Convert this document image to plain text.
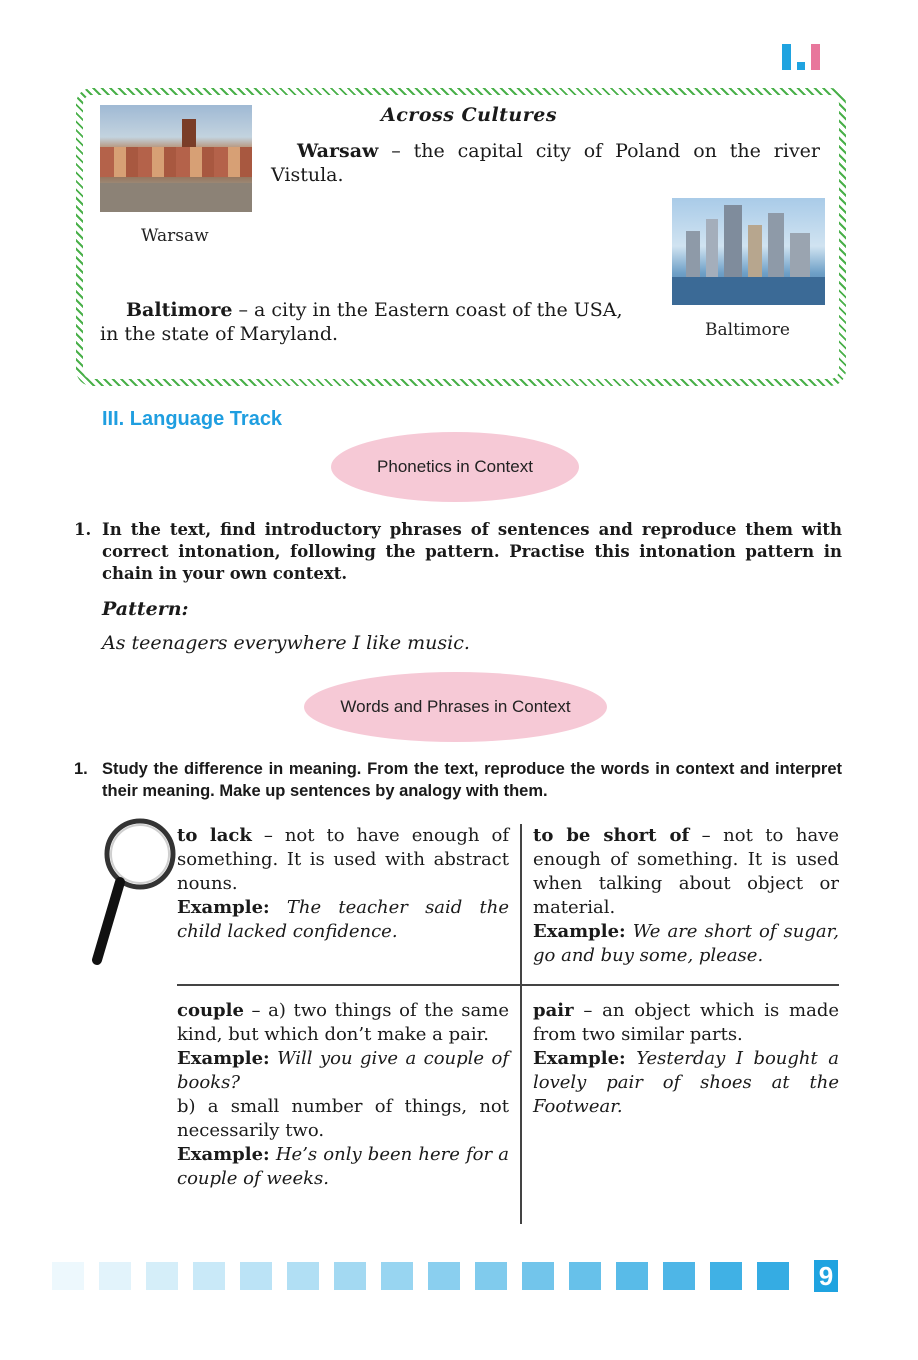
Across Cultures
Warsaw
Warsaw – the capital city of Poland on the river Vistula.
Baltimore
Baltimore – a city in the Eastern coast of the USA, in the state of Maryland.
III. Language Track
Phonetics in Context
1. In the text, find introductory phrases of sentences and reproduce them with correct intonation, following the pattern. Practise this intonation pattern in chain in your own context.
Pattern:
As teenagers everywhere I like music.
Words and Phrases in Context
1. Study the difference in meaning. From the text, reproduce the words in context and interpret their meaning. Make up sentences by analogy with them.
to lack – not to have enough of something. It is used with abstract nouns.
Example: The teacher said the child lacked confidence.
to be short of – not to have enough of something. It is used when talking about object or material.
Example: We are short of sugar, go and buy some, please.
couple – a) two things of the same kind, but which don’t make a pair.
Example: Will you give a couple of books?
b) a small number of things, not necessarily two.
Example: He’s only been here for a couple of weeks.
pair – an object which is made from two similar parts.
Example: Yesterday I bought a lovely pair of shoes at the Footwear.
9
